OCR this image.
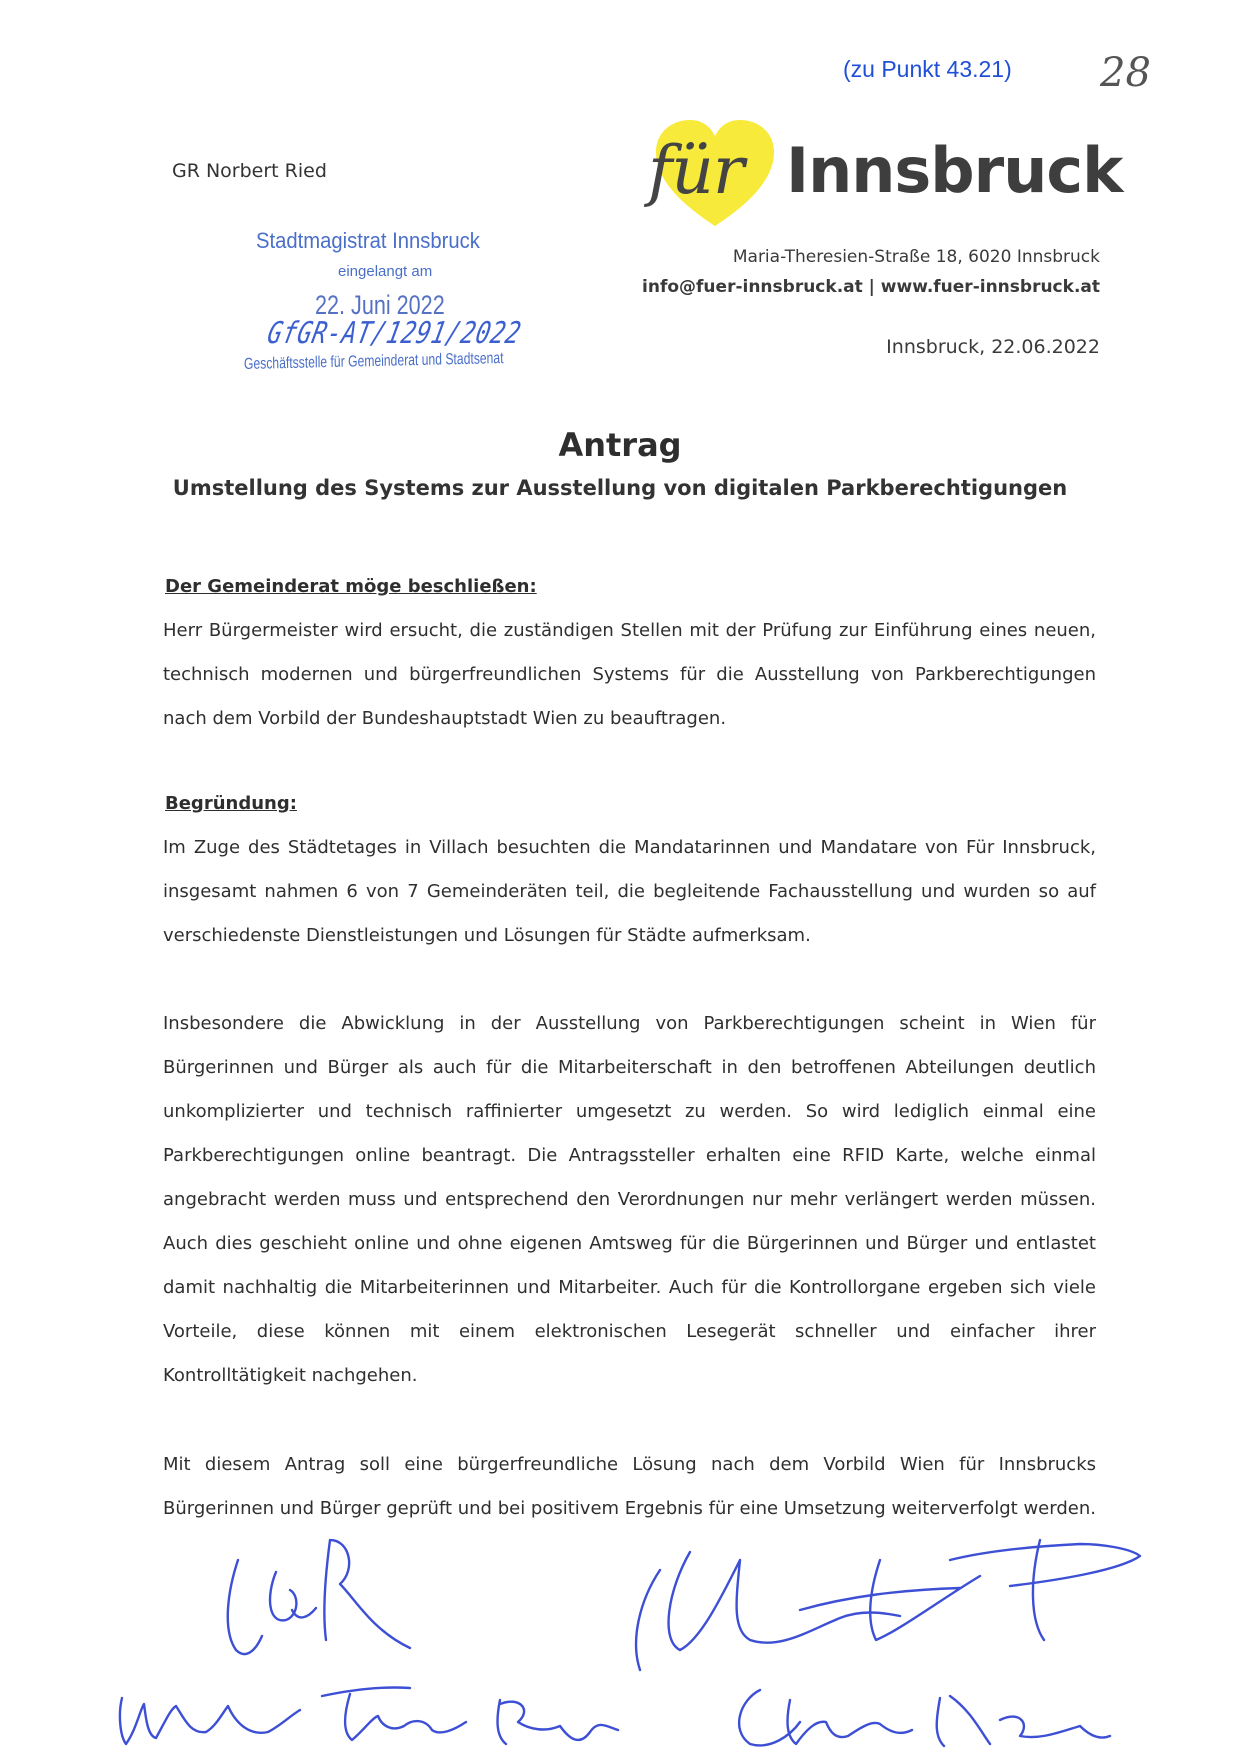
(zu Punkt 43.21) 28
GR Norbert Ried	für Innsbruck
Maria-Theresien-Straße 18, 6020 Innsbruck
info@fuer-innsbruck.at | www.fuer-innsbruck.at
Innsbruck, 22.06.2022
Stadtmagistrat Innsbruck
eingelangt am
22. Juni 2022
GfGR-AT/1291/2022
Geschäftsstelle für Gemeinderat und Stadtsenat
Antrag
Umstellung des Systems zur Ausstellung von digitalen Parkberechtigungen
Der Gemeinderat möge beschließen:
Herr Bürgermeister wird ersucht, die zuständigen Stellen mit der Prüfung zur Einführung eines neuen, technisch modernen und bürgerfreundlichen Systems für die Ausstellung von Parkberechtigungen nach dem Vorbild der Bundeshauptstadt Wien zu beauftragen.
Begründung:
Im Zuge des Städtetages in Villach besuchten die Mandatarinnen und Mandatare von Für Innsbruck, insgesamt nahmen 6 von 7 Gemeinderäten teil, die begleitende Fachausstellung und wurden so auf verschiedenste Dienstleistungen und Lösungen für Städte aufmerksam.
Insbesondere die Abwicklung in der Ausstellung von Parkberechtigungen scheint in Wien für Bürgerinnen und Bürger als auch für die Mitarbeiterschaft in den betroffenen Abteilungen deutlich unkomplizierter und technisch raffinierter umgesetzt zu werden. So wird lediglich einmal eine Parkberechtigungen online beantragt. Die Antragssteller erhalten eine RFID Karte, welche einmal angebracht werden muss und entsprechend den Verordnungen nur mehr verlängert werden müssen. Auch dies geschieht online und ohne eigenen Amtsweg für die Bürgerinnen und Bürger und entlastet damit nachhaltig die Mitarbeiterinnen und Mitarbeiter. Auch für die Kontrollorgane ergeben sich viele Vorteile, diese können mit einem elektronischen Lesegerät schneller und einfacher ihrer Kontrolltätigkeit nachgehen.
Mit diesem Antrag soll eine bürgerfreundliche Lösung nach dem Vorbild Wien für Innsbrucks Bürgerinnen und Bürger geprüft und bei positivem Ergebnis für eine Umsetzung weiterverfolgt werden.
